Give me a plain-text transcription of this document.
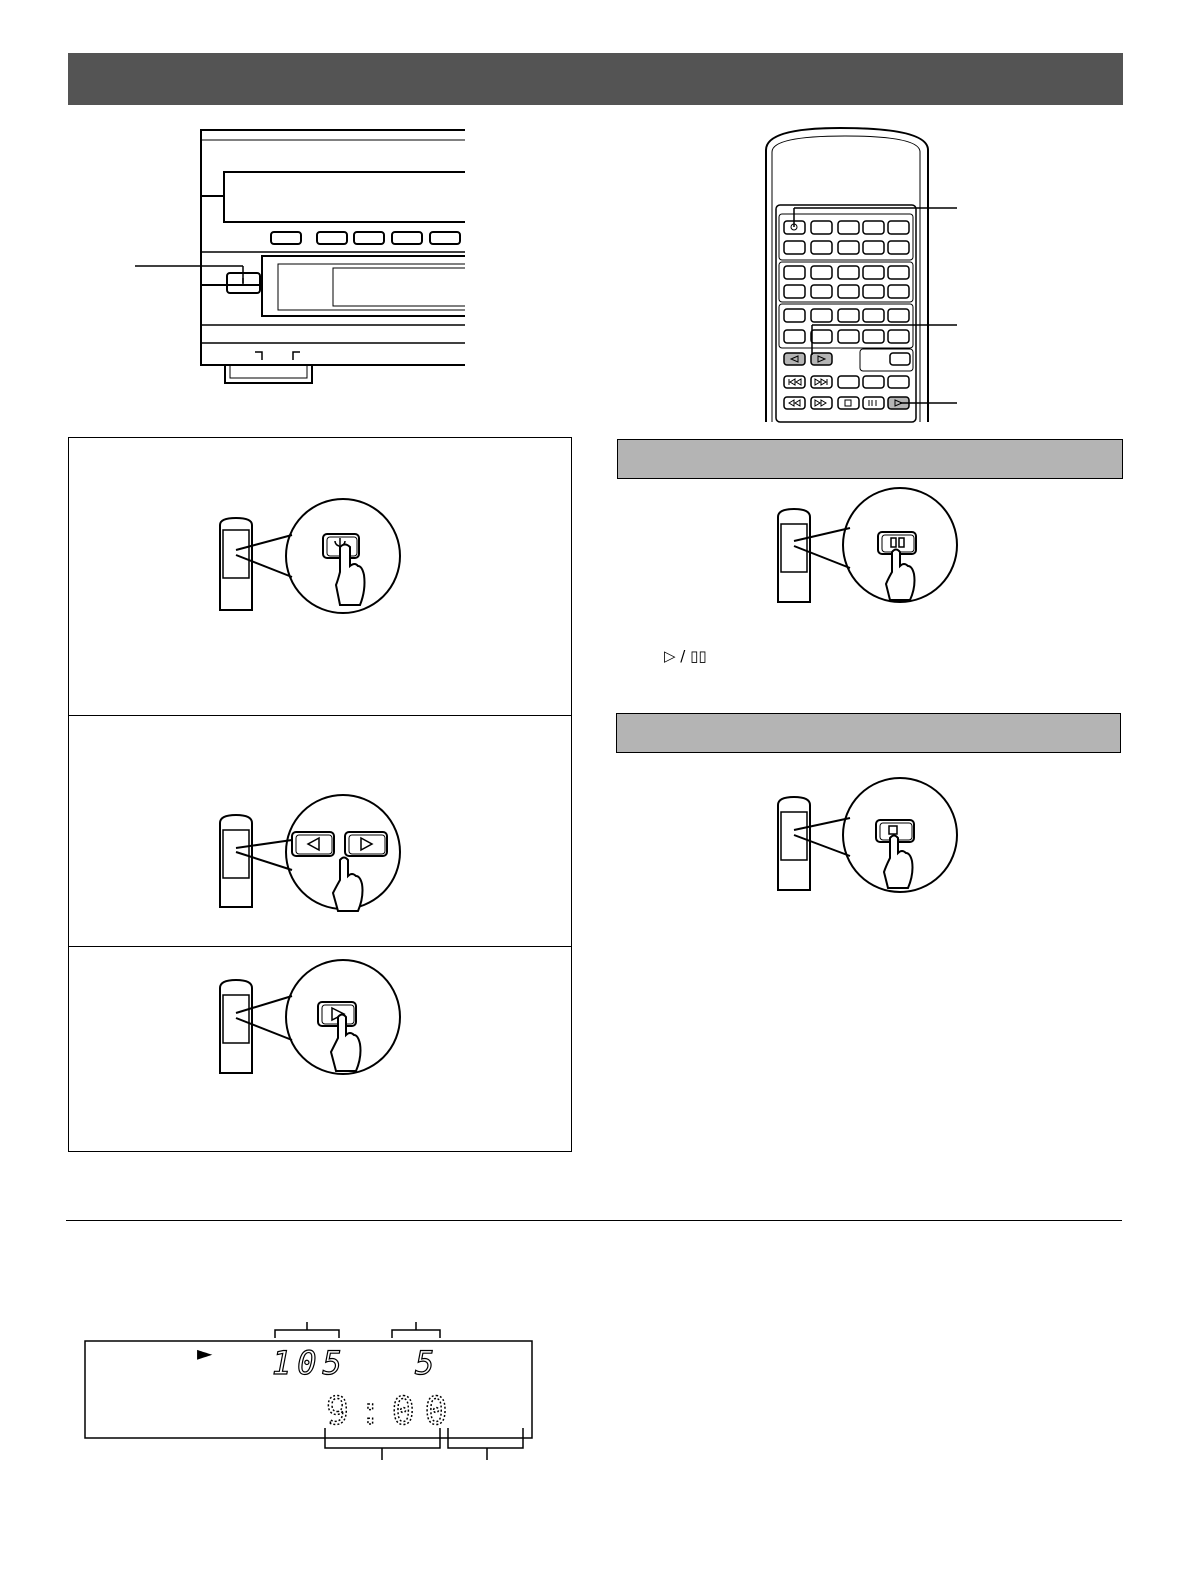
▷ / ▯▯
► 105 5
9:00
